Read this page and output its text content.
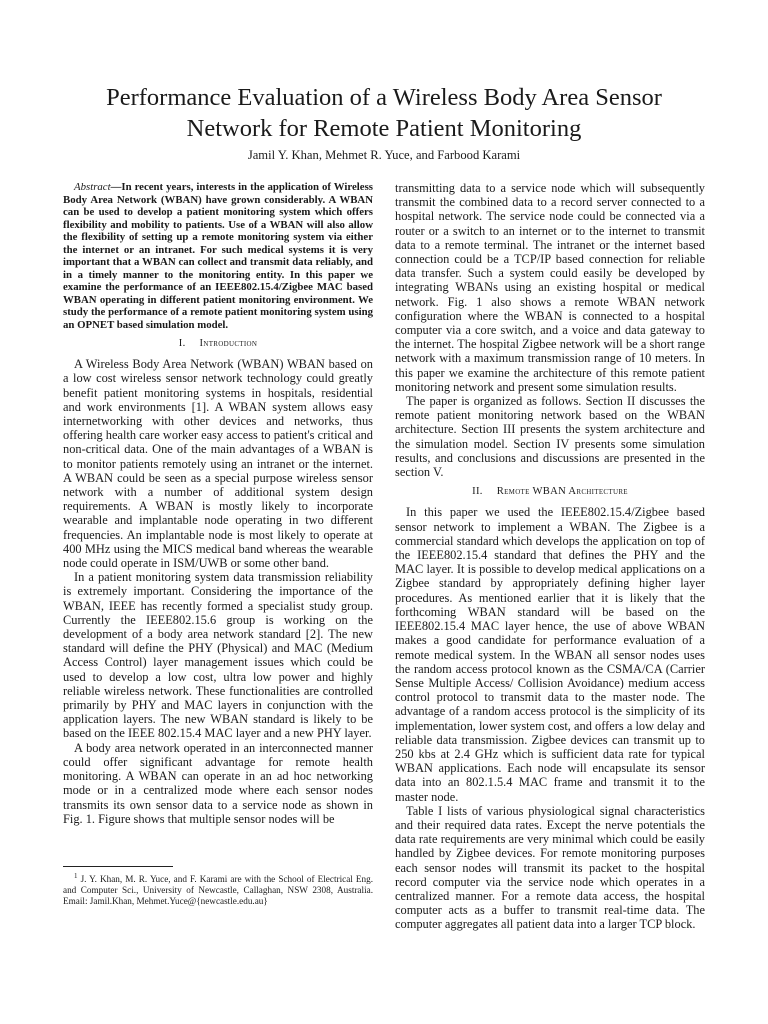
Performance Evaluation of a Wireless Body Area Sensor
Network for Remote Patient Monitoring
Jamil Y. Khan, Mehmet R. Yuce, and Farbood Karami

Abstract—In recent years, interests in the application of Wireless Body Area Network (WBAN) have grown considerably. A WBAN can be used to develop a patient monitoring system which offers flexibility and mobility to patients. Use of a WBAN will also allow the flexibility of setting up a remote monitoring system via either the internet or an intranet. For such medical systems it is very important that a WBAN can collect and transmit data reliably, and in a timely manner to the monitoring entity. In this paper we examine the performance of an IEEE802.15.4/Zigbee MAC based WBAN operating in different patient monitoring environment. We study the performance of a remote patient monitoring system using an OPNET based simulation model.

I. Introduction

A Wireless Body Area Network (WBAN) WBAN based on a low cost wireless sensor network technology could greatly benefit patient monitoring systems in hospitals, residential and work environments [1]. A WBAN system allows easy internetworking with other devices and networks, thus offering health care worker easy access to patient's critical and non-critical data. One of the main advantages of a WBAN is to monitor patients remotely using an intranet or the internet. A WBAN could be seen as a special purpose wireless sensor network with a number of additional system design requirements. A WBAN is mostly likely to incorporate wearable and implantable node operating in two different frequencies. An implantable node is most likely to operate at 400 MHz using the MICS medical band whereas the wearable node could operate in ISM/UWB or some other band.

In a patient monitoring system data transmission reliability is extremely important. Considering the importance of the WBAN, IEEE has recently formed a specialist study group. Currently the IEEE802.15.6 group is working on the development of a body area network standard [2]. The new standard will define the PHY (Physical) and MAC (Medium Access Control) layer management issues which could be used to develop a low cost, ultra low power and highly reliable wireless network. These functionalities are controlled primarily by PHY and MAC layers in conjunction with the application layers. The new WBAN standard is likely to be based on the IEEE 802.15.4 MAC layer and a new PHY layer.

A body area network operated in an interconnected manner could offer significant advantage for remote health monitoring. A WBAN can operate in an ad hoc networking mode or in a centralized mode where each sensor nodes transmits its own sensor data to a service node as shown in Fig. 1. Figure shows that multiple sensor nodes will be

$^1$ J. Y. Khan, M. R. Yuce, and F. Karami are with the School of Electrical Eng. and Computer Sci., University of Newcastle, Callaghan, NSW 2308, Australia. Email: Jamil.Khan, Mehmet.Yuce@{newcastle.edu.au}

transmitting data to a service node which will subsequently transmit the combined data to a record server connected to a hospital network. The service node could be connected via a router or a switch to an internet or to the internet to transmit data to a remote terminal. The intranet or the internet based connection could be a TCP/IP based connection for reliable data transfer. Such a system could easily be developed by integrating WBANs using an existing hospital or medical network. Fig. 1 also shows a remote WBAN network configuration where the WBAN is connected to a hospital computer via a core switch, and a voice and data gateway to the internet. The hospital Zigbee network will be a short range network with a maximum transmission range of 10 meters. In this paper we examine the architecture of this remote patient monitoring network and present some simulation results.

The paper is organized as follows. Section II discusses the remote patient monitoring network based on the WBAN architecture. Section III presents the system architecture and the simulation model. Section IV presents some simulation results, and conclusions and discussions are presented in the section V.

II. Remote WBAN Architecture

In this paper we used the IEEE802.15.4/Zigbee based sensor network to implement a WBAN. The Zigbee is a commercial standard which develops the application on top of the IEEE802.15.4 standard that defines the PHY and the MAC layer. It is possible to develop medical applications on a Zigbee standard by appropriately defining higher layer procedures. As mentioned earlier that it is likely that the forthcoming WBAN standard will be based on the IEEE802.15.4 MAC layer hence, the use of above WBAN makes a good candidate for performance evaluation of a remote medical system. In the WBAN all sensor nodes uses the random access protocol known as the CSMA/CA (Carrier Sense Multiple Access/ Collision Avoidance) medium access control protocol to transmit data to the master node. The advantage of a random access protocol is the simplicity of its implementation, lower system cost, and offers a low delay and reliable data transmission. Zigbee devices can transmit up to 250 kbs at 2.4 GHz which is sufficient data rate for typical WBAN applications. Each node will encapsulate its sensor data into an 802.1.5.4 MAC frame and transmit it to the master node.

Table I lists of various physiological signal characteristics and their required data rates. Except the nerve potentials the data rate requirements are very minimal which could be easily handled by Zigbee devices. For remote monitoring purposes each sensor nodes will transmit its packet to the hospital record computer via the service node which operates in a centralized manner. For a remote data access, the hospital computer acts as a buffer to transmit real-time data. The computer aggregates all patient data into a larger TCP block.
